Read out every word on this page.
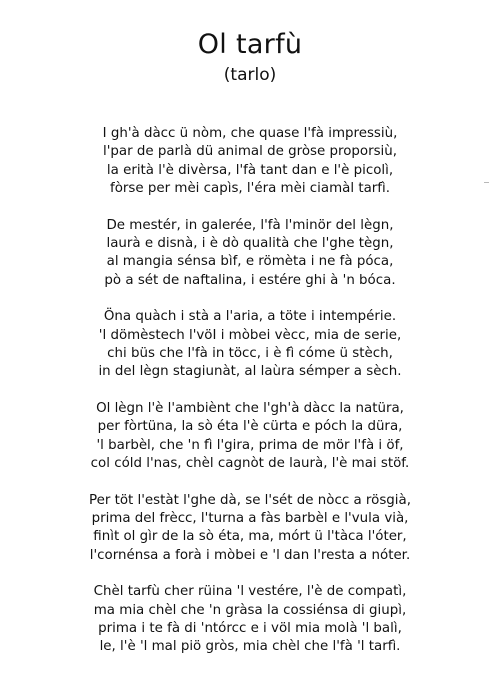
Ol tarfù
(tarlo)
I gh'à dàcc ü nòm, che quase l'fà impressiù,
l'par de parlà dü animal de gròse proporsiù,
la erità l'è divèrsa, l'fà tant dan e l'è picolì,
fòrse per mèi capìs, l'éra mèi ciamàl tarfì.
De mestér, in galerée, l'fà l'minör del lègn,
laurà e disnà, i è dò qualità che l'ghe tègn,
al mangia sénsa bìf, e römèta i ne fà póca,
pò a sét de naftalina, i estére ghi à 'n bóca.
Öna quàch i stà a l'aria, a töte i intempérie.
'l dömèstech l'vöI i mòbei vècc, mia de serie,
chi büs che l'fà in töcc, i è fì cóme ü stèch,
in del lègn stagiunàt, al laùra sémper a sèch.
Ol lègn l'è l'ambiènt che l'gh'à dàcc la natüra,
per fòrtüna, la sò éta l'è cürta e póch la düra,
'l barbèl, che 'n fì l'gira, prima de mör l'fà i öf,
col cóld l'nas, chèl cagnòt de laurà, l'è mai stöf.
Per töt l'estàt l'ghe dà, se l'sét de nòcc a rösgià,
prima del frècc, l'turna a fàs barbèl e l'vula vià,
finìt ol gìr de la sò éta, ma, mórt ü l'tàca l'óter,
l'cornénsa a forà i mòbei e 'l dan l'resta a nóter.
Chèl tarfù cher rüina 'l vestére, l'è de compatì,
ma mia chèl che 'n gràsa la cossiénsa di giupì,
prima i te fà di 'ntórcc e i völ mia molà 'l balì,
le, l'è 'l mal piö gròs, mia chèl che l'fà 'l tarfì.
